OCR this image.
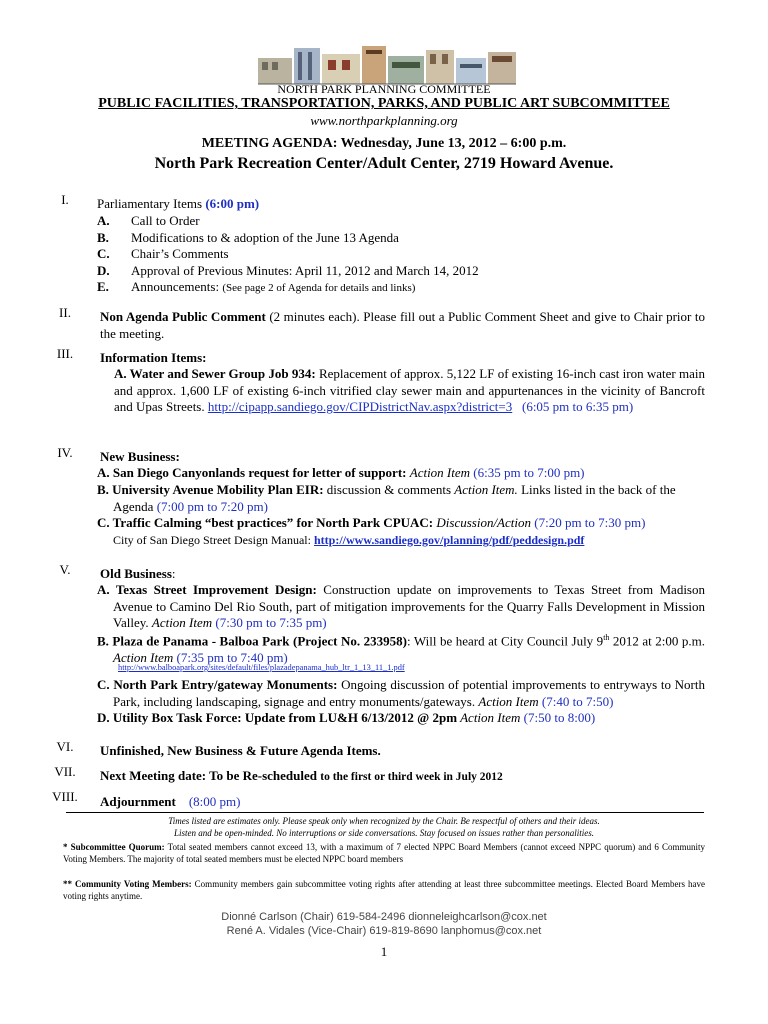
NORTH PARK PLANNING COMMITTEE
PUBLIC FACILITIES, TRANSPORTATION, PARKS, AND PUBLIC ART SUBCOMMITTEE
www.northparkplanning.org
MEETING AGENDA: Wednesday, June 13, 2012 – 6:00 p.m.
North Park Recreation Center/Adult Center, 2719 Howard Avenue.
I.	Parliamentary Items (6:00 pm)
A. Call to Order
B. Modifications to & adoption of the June 13 Agenda
C. Chair’s Comments
D. Approval of Previous Minutes: April 11, 2012 and March 14, 2012
E. Announcements: (See page 2 of Agenda for details and links)
II.	Non Agenda Public Comment (2 minutes each). Please fill out a Public Comment Sheet and give to Chair prior to the meeting.
III.	Information Items:
A. Water and Sewer Group Job 934: Replacement of approx. 5,122 LF of existing 16-inch cast iron water main and approx. 1,600 LF of existing 6-inch vitrified clay sewer main and appurtenances in the vicinity of Bancroft and Upas Streets. http://cipapp.sandiego.gov/CIPDistrictNav.aspx?district=3 (6:05 pm to 6:35 pm)
IV.	New Business:
A. San Diego Canyonlands request for letter of support: Action Item (6:35 pm to 7:00 pm)
B. University Avenue Mobility Plan EIR: discussion & comments Action Item. Links listed in the back of the Agenda (7:00 pm to 7:20 pm)
C. Traffic Calming “best practices” for North Park CPUAC: Discussion/Action (7:20 pm to 7:30 pm)
City of San Diego Street Design Manual: http://www.sandiego.gov/planning/pdf/peddesign.pdf
V.	Old Business:
A. Texas Street Improvement Design: Construction update on improvements to Texas Street from Madison Avenue to Camino Del Rio South, part of mitigation improvements for the Quarry Falls Development in Mission Valley. Action Item (7:30 pm to 7:35 pm)
B. Plaza de Panama - Balboa Park (Project No. 233958): Will be heard at City Council July 9th 2012 at 2:00 p.m. Action Item (7:35 pm to 7:40 pm)
http://www.balboapark.org/sites/default/files/plazadepanama_hub_ltr_1_13_11_1.pdf
C. North Park Entry/gateway Monuments: Ongoing discussion of potential improvements to entryways to North Park, including landscaping, signage and entry monuments/gateways. Action Item (7:40 to 7:50)
D. Utility Box Task Force: Update from LU&H 6/13/2012 @ 2pm Action Item (7:50 to 8:00)
VI.	Unfinished, New Business & Future Agenda Items.
VII.	Next Meeting date: To be Re-scheduled to the first or third week in July 2012
VIII.	Adjournment (8:00 pm)
Times listed are estimates only. Please speak only when recognized by the Chair. Be respectful of others and their ideas.
Listen and be open-minded. No interruptions or side conversations. Stay focused on issues rather than personalities.
* Subcommittee Quorum: Total seated members cannot exceed 13, with a maximum of 7 elected NPPC Board Members (cannot exceed NPPC quorum) and 6 Community Voting Members. The majority of total seated members must be elected NPPC board members
** Community Voting Members: Community members gain subcommittee voting rights after attending at least three subcommittee meetings. Elected Board Members have voting rights anytime.
Dionné Carlson (Chair) 619-584-2496 dionneleighcarlson@cox.net
René A. Vidales (Vice-Chair) 619-819-8690 lanphomus@cox.net
1
